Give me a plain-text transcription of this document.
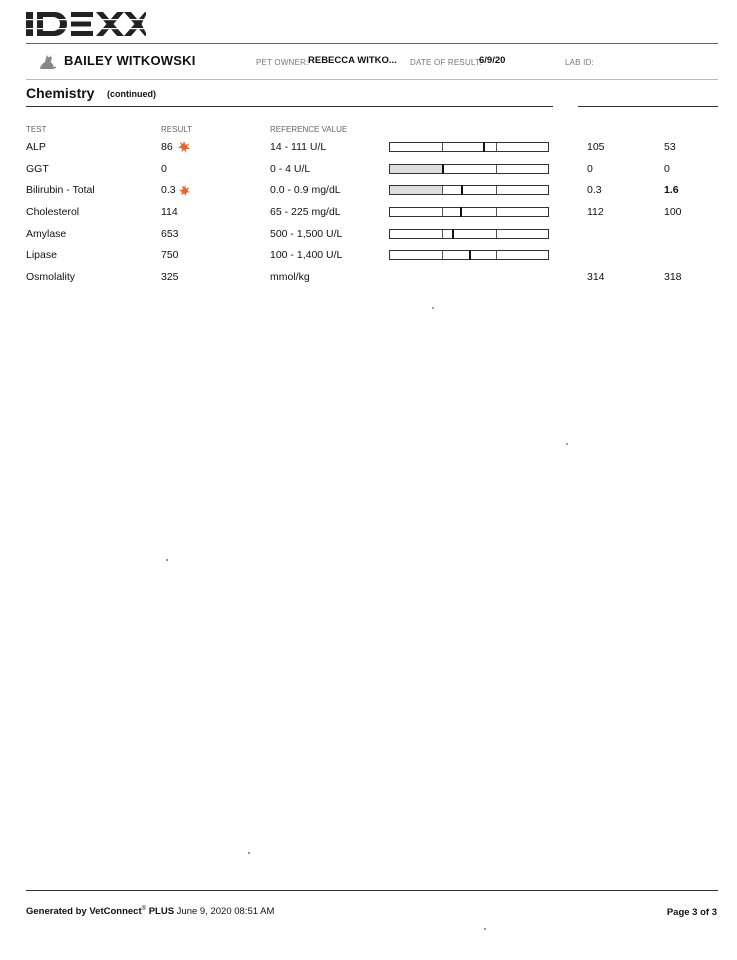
BAILEY WITKOWSKI	PET OWNER: REBECCA WITKO... DATE OF RESULT:
6/9/20	LAB ID:
Chemistry (continued)
TEST	RESULT	REFERENCE VALUE
ALP	86	14 - 111 U/L	105	53
GGT	0	0 - 4 U/L	0	0
Bilirubin - Total	0.3	0.0 - 0.9 mg/dL	0.3	1.6
Cholesterol	114	65 - 225 mg/dL	112	100
Amylase	653	500 - 1,500 U/L
Lipase	750	100 - 1,400 U/L
Osmolality	325	mmol/kg	314	318
Generated by VetConnect® PLUS June 9, 2020 08:51 AM	Page 3 of 3
